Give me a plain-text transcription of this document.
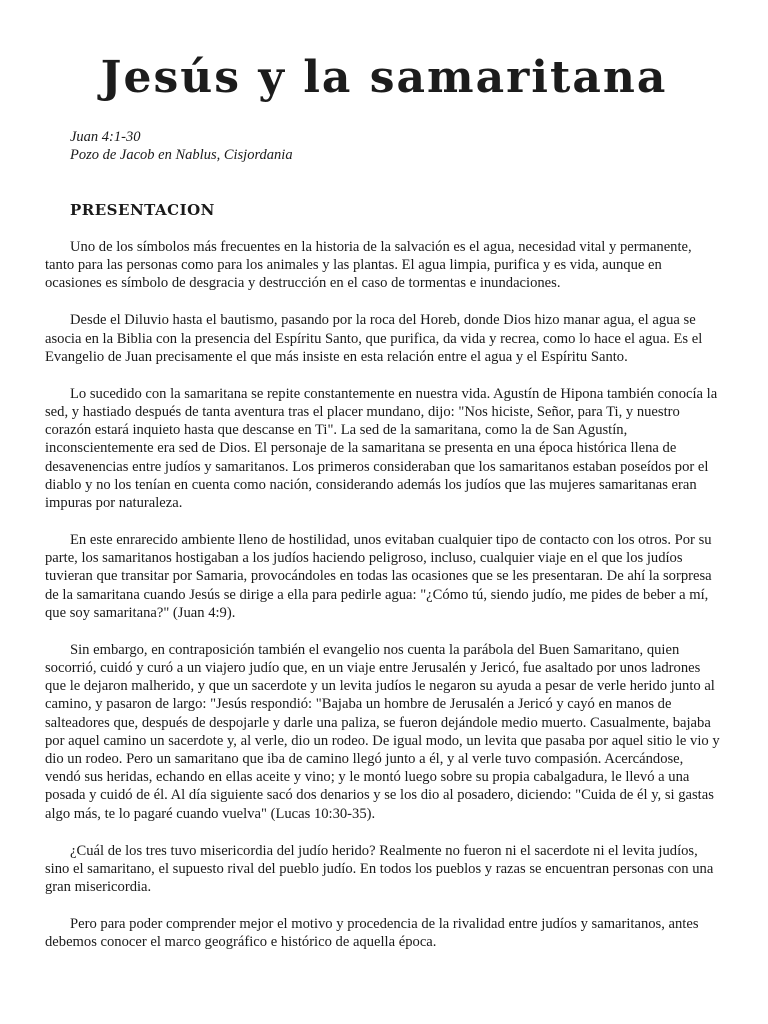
Jesús y la samaritana
Juan 4:1-30
Pozo de Jacob en Nablus, Cisjordania
PRESENTACION

Uno de los símbolos más frecuentes en la historia de la salvación es el agua, necesidad vital y permanente, tanto para las personas como para los animales y las plantas. El agua limpia, purifica y es vida, aunque en ocasiones es símbolo de desgracia y destrucción en el caso de tormentas e inundaciones.

Desde el Diluvio hasta el bautismo, pasando por la roca del Horeb, donde Dios hizo manar agua, el agua se asocia en la Biblia con la presencia del Espíritu Santo, que purifica, da vida y recrea, como lo hace el agua. Es el Evangelio de Juan precisamente el que más insiste en esta relación entre el agua y el Espíritu Santo.

Lo sucedido con la samaritana se repite constantemente en nuestra vida. Agustín de Hipona también conocía la sed, y hastiado después de tanta aventura tras el placer mundano, dijo: "Nos hiciste, Señor, para Ti, y nuestro corazón estará inquieto hasta que descanse en Ti". La sed de la samaritana, como la de San Agustín, inconscientemente era sed de Dios. El personaje de la samaritana se presenta en una época histórica llena de desavenencias entre judíos y samaritanos. Los primeros consideraban que los samaritanos estaban poseídos por el diablo y no los tenían en cuenta como nación, considerando además los judíos que las mujeres samaritanas eran impuras por naturaleza.

En este enrarecido ambiente lleno de hostilidad, unos evitaban cualquier tipo de contacto con los otros. Por su parte, los samaritanos hostigaban a los judíos haciendo peligroso, incluso, cualquier viaje en el que los judíos tuvieran que transitar por Samaria, provocándoles en todas las ocasiones que se les presentaran. De ahí la sorpresa de la samaritana cuando Jesús se dirige a ella para pedirle agua: "¿Cómo tú, siendo judío, me pides de beber a mí, que soy samaritana?" (Juan 4:9).

Sin embargo, en contraposición también el evangelio nos cuenta la parábola del Buen Samaritano, quien socorrió, cuidó y curó a un viajero judío que, en un viaje entre Jerusalén y Jericó, fue asaltado por unos ladrones que le dejaron malherido, y que un sacerdote y un levita judíos le negaron su ayuda a pesar de verle herido junto al camino, y pasaron de largo: "Jesús respondió: "Bajaba un hombre de Jerusalén a Jericó y cayó en manos de salteadores que, después de despojarle y darle una paliza, se fueron dejándole medio muerto. Casualmente, bajaba por aquel camino un sacerdote y, al verle, dio un rodeo. De igual modo, un levita que pasaba por aquel sitio le vio y dio un rodeo. Pero un samaritano que iba de camino llegó junto a él, y al verle tuvo compasión. Acercándose, vendó sus heridas, echando en ellas aceite y vino; y le montó luego sobre su propia cabalgadura, le llevó a una posada y cuidó de él. Al día siguiente sacó dos denarios y se los dio al posadero, diciendo: "Cuida de él y, si gastas algo más, te lo pagaré cuando vuelva" (Lucas 10:30-35).

¿Cuál de los tres tuvo misericordia del judío herido? Realmente no fueron ni el sacerdote ni el levita judíos, sino el samaritano, el supuesto rival del pueblo judío. En todos los pueblos y razas se encuentran personas con una gran misericordia.

Pero para poder comprender mejor el motivo y procedencia de la rivalidad entre judíos y samaritanos, antes debemos conocer el marco geográfico e histórico de aquella época.
